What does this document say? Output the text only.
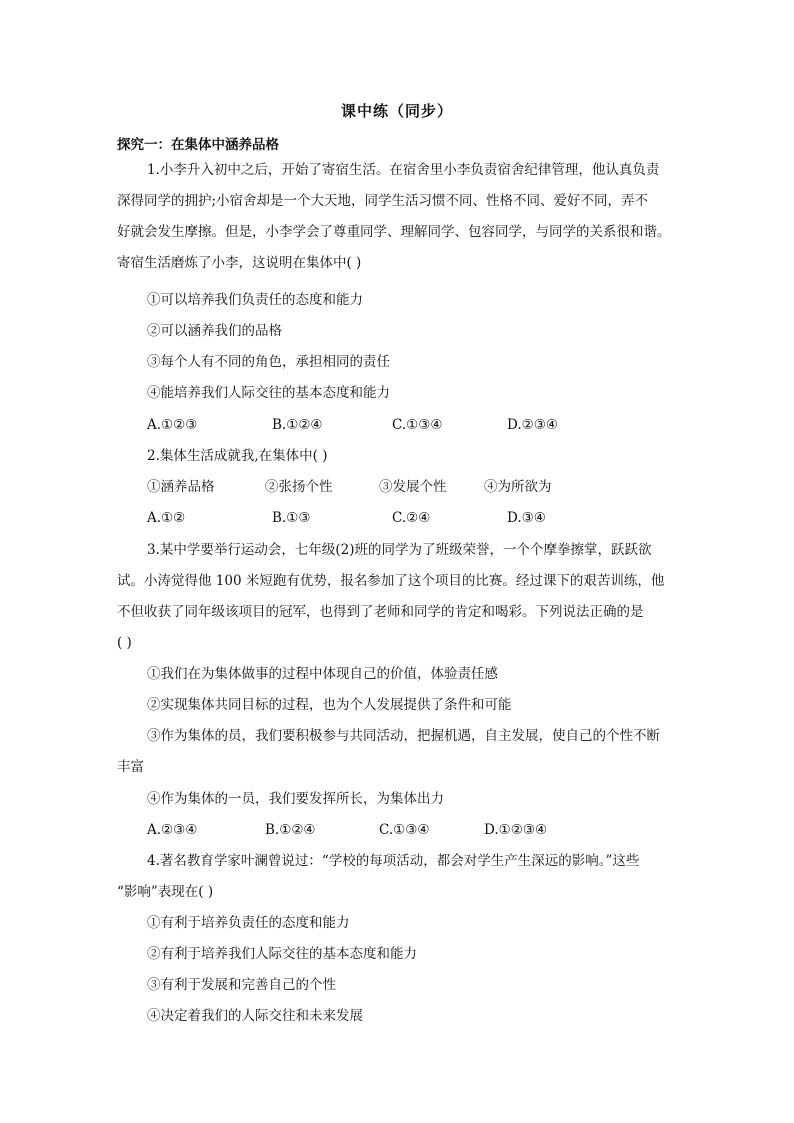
课中练（同步）
探究一：在集体中涵养品格
1.小李升入初中之后，开始了寄宿生活。在宿舍里小李负责宿舍纪律管理，他认真负责
深得同学的拥护;小宿舍却是一个大天地，同学生活习惯不同、性格不同、爱好不同，弄不
好就会发生摩擦。但是，小李学会了尊重同学、理解同学、包容同学，与同学的关系很和谐。
寄宿生活磨炼了小李，这说明在集体中( )
①可以培养我们负责任的态度和能力
②可以涵养我们的品格
③每个人有不同的角色，承担相同的责任
④能培养我们人际交往的基本态度和能力
A.①②③	B.①②④	C.①③④	D.②③④
2.集体生活成就我,在集体中( )
①涵养品格	②张扬个性	③发展个性	④为所欲为
A.①②	B.①③	C.②④	D.③④
3.某中学要举行运动会，七年级(2)班的同学为了班级荣誉，一个个摩拳擦掌，跃跃欲
试。小涛觉得他 100 米短跑有优势，报名参加了这个项目的比赛。经过课下的艰苦训练，他
不但收获了同年级该项目的冠军，也得到了老师和同学的肯定和喝彩。下列说法正确的是
( )
①我们在为集体做事的过程中体现自己的价值，体验责任感
②实现集体共同目标的过程，也为个人发展提供了条件和可能
③作为集体的员，我们要积极参与共同活动，把握机遇，自主发展，使自己的个性不断
丰富
④作为集体的一员，我们要发挥所长，为集体出力
A.②③④	B.①②④	C.①③④	D.①②③④
4.著名教育学家叶澜曾说过：“学校的每项活动，都会对学生产生深远的影响。”这些
“影响”表现在( )
①有利于培养负责任的态度和能力
②有利于培养我们人际交往的基本态度和能力
③有利于发展和完善自己的个性
④决定着我们的人际交往和未来发展
